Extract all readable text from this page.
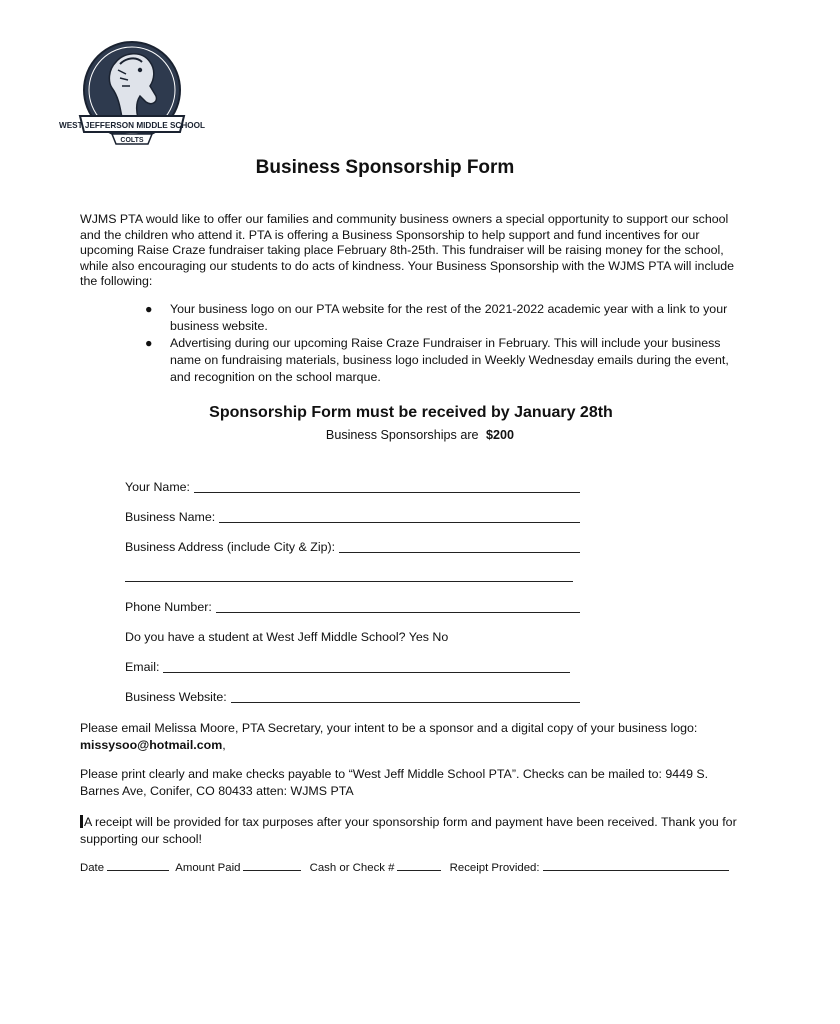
WEST JEFFERSON MIDDLE SCHOOL
COLTS
Business Sponsorship Form
WJMS PTA would like to offer our families and community business owners a special opportunity to support our school and the children who attend it. PTA is offering a Business Sponsorship to help support and fund incentives for our upcoming Raise Craze fundraiser taking place February 8th-25th. This fundraiser will be raising money for the school, while also encouraging our students to do acts of kindness. Your Business Sponsorship with the WJMS PTA will include the following:
● Your business logo on our PTA website for the rest of the 2021-2022 academic year with a link to your business website.
● Advertising during our upcoming Raise Craze Fundraiser in February. This will include your business name on fundraising materials, business logo included in Weekly Wednesday emails during the event, and recognition on the school marque.
Sponsorship Form must be received by January 28th
Business Sponsorships are $200
Your Name:
Business Name:
Business Address (include City & Zip):
Phone Number:
Do you have a student at West Jeff Middle School? Yes No
Email:
Business Website:
Please email Melissa Moore, PTA Secretary, your intent to be a sponsor and a digital copy of your business logo:
missysoo@hotmail.com,
Please print clearly and make checks payable to “West Jeff Middle School PTA”. Checks can be mailed to: 9449 S. Barnes Ave, Conifer, CO 80433 atten: WJMS PTA
A receipt will be provided for tax purposes after your sponsorship form and payment have been received. Thank you for supporting our school!
Date	Amount Paid	Cash or Check #	Receipt Provided:
